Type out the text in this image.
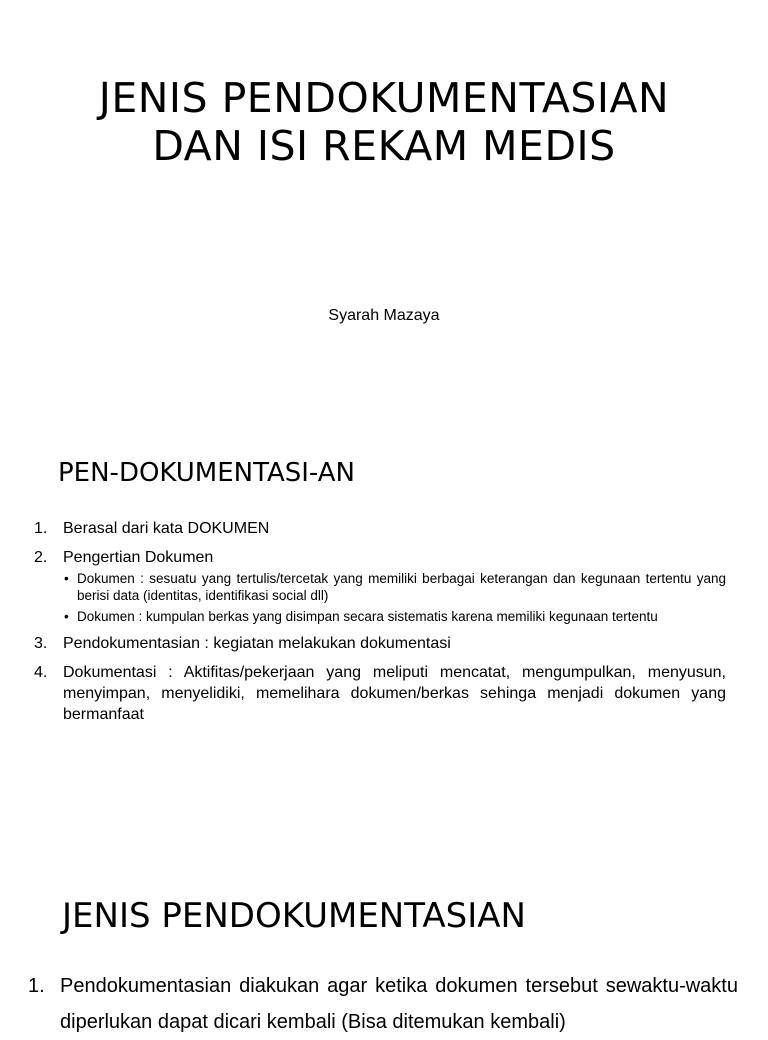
JENIS PENDOKUMENTASIAN DAN ISI REKAM MEDIS
Syarah Mazaya
PEN-DOKUMENTASI-AN
1. Berasal dari kata DOKUMEN
2. Pengertian Dokumen
• Dokumen : sesuatu yang tertulis/tercetak yang memiliki berbagai keterangan dan kegunaan tertentu yang berisi data (identitas, identifikasi social dll)
• Dokumen : kumpulan berkas yang disimpan secara sistematis karena memiliki kegunaan tertentu
3. Pendokumentasian : kegiatan melakukan dokumentasi
4. Dokumentasi : Aktifitas/pekerjaan yang meliputi mencatat, mengumpulkan, menyusun, menyimpan, menyelidiki, memelihara dokumen/berkas sehinga menjadi dokumen yang bermanfaat
JENIS PENDOKUMENTASIAN
1. Pendokumentasian diakukan agar ketika dokumen tersebut sewaktu-waktu diperlukan dapat dicari kembali (Bisa ditemukan kembali)
